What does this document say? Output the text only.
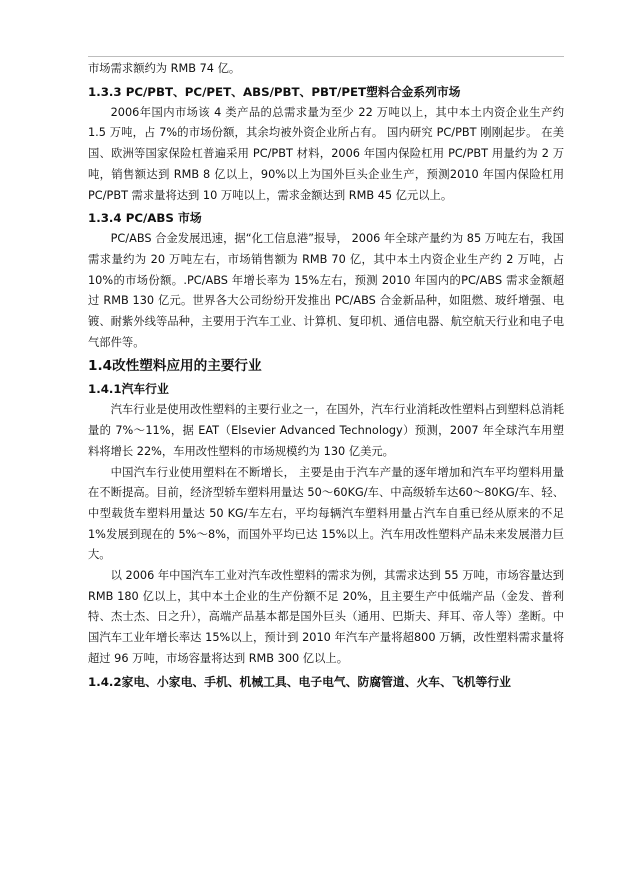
市场需求额约为 RMB 74 亿。

1.3.3 PC/PBT、PC/PET、ABS/PBT、PBT/PET塑料合金系列市场

2006年国内市场该 4 类产品的总需求量为至少 22 万吨以上，其中本土内资企业生产约 1.5 万吨，占 7%的市场份额，其余均被外资企业所占有。 国内研究 PC/PBT 刚刚起步。 在美国、欧洲等国家保险杠普遍采用 PC/PBT 材料，2006 年国内保险杠用 PC/PBT 用量约为 2 万吨，销售额达到 RMB 8 亿以上，90%以上为国外巨头企业生产，预测2010 年国内保险杠用 PC/PBT 需求量将达到 10 万吨以上，需求金额达到 RMB 45 亿元以上。

1.3.4 PC/ABS 市场

PC/ABS 合金发展迅速，据“化工信息港”报导， 2006 年全球产量约为 85 万吨左右，我国需求量约为 20 万吨左右，市场销售额为 RMB 70 亿，其中本土内资企业生产约 2 万吨，占 10%的市场份额。.PC/ABS 年增长率为 15%左右，预测 2010 年国内的PC/ABS 需求金额超过 RMB 130 亿元。世界各大公司纷纷开发推出 PC/ABS 合金新品种，如阻燃、玻纤增强、电镀、耐紫外线等品种，主要用于汽车工业、计算机、复印机、通信电器、航空航天行业和电子电气部件等。

1.4改性塑料应用的主要行业
1.4.1汽车行业

汽车行业是使用改性塑料的主要行业之一，在国外，汽车行业消耗改性塑料占到塑料总消耗量的 7%～11%，据 EAT（Elsevier Advanced Technology）预测，2007 年全球汽车用塑料将增长 22%，车用改性塑料的市场规模约为 130 亿美元。

中国汽车行业使用塑料在不断增长， 主要是由于汽车产量的逐年增加和汽车平均塑料用量在不断提高。目前，经济型轿车塑料用量达 50～60KG/车、中高级轿车达60～80KG/车、轻、中型载货车塑料用量达 50 KG/车左右，平均每辆汽车塑料用量占汽车自重已经从原来的不足 1%发展到现在的 5%～8%，而国外平均已达 15%以上。汽车用改性塑料产品未来发展潜力巨大。

以 2006 年中国汽车工业对汽车改性塑料的需求为例，其需求达到 55 万吨，市场容量达到 RMB 180 亿以上，其中本土企业的生产份额不足 20%，且主要生产中低端产品（金发、普利特、杰士杰、日之升），高端产品基本都是国外巨头（通用、巴斯夫、拜耳、帝人等）垄断。中国汽车工业年增长率达 15%以上，预计到 2010 年汽车产量将超800 万辆，改性塑料需求量将超过 96 万吨，市场容量将达到 RMB 300 亿以上。

1.4.2家电、小家电、手机、机械工具、电子电气、防腐管道、火车、飞机等行业
